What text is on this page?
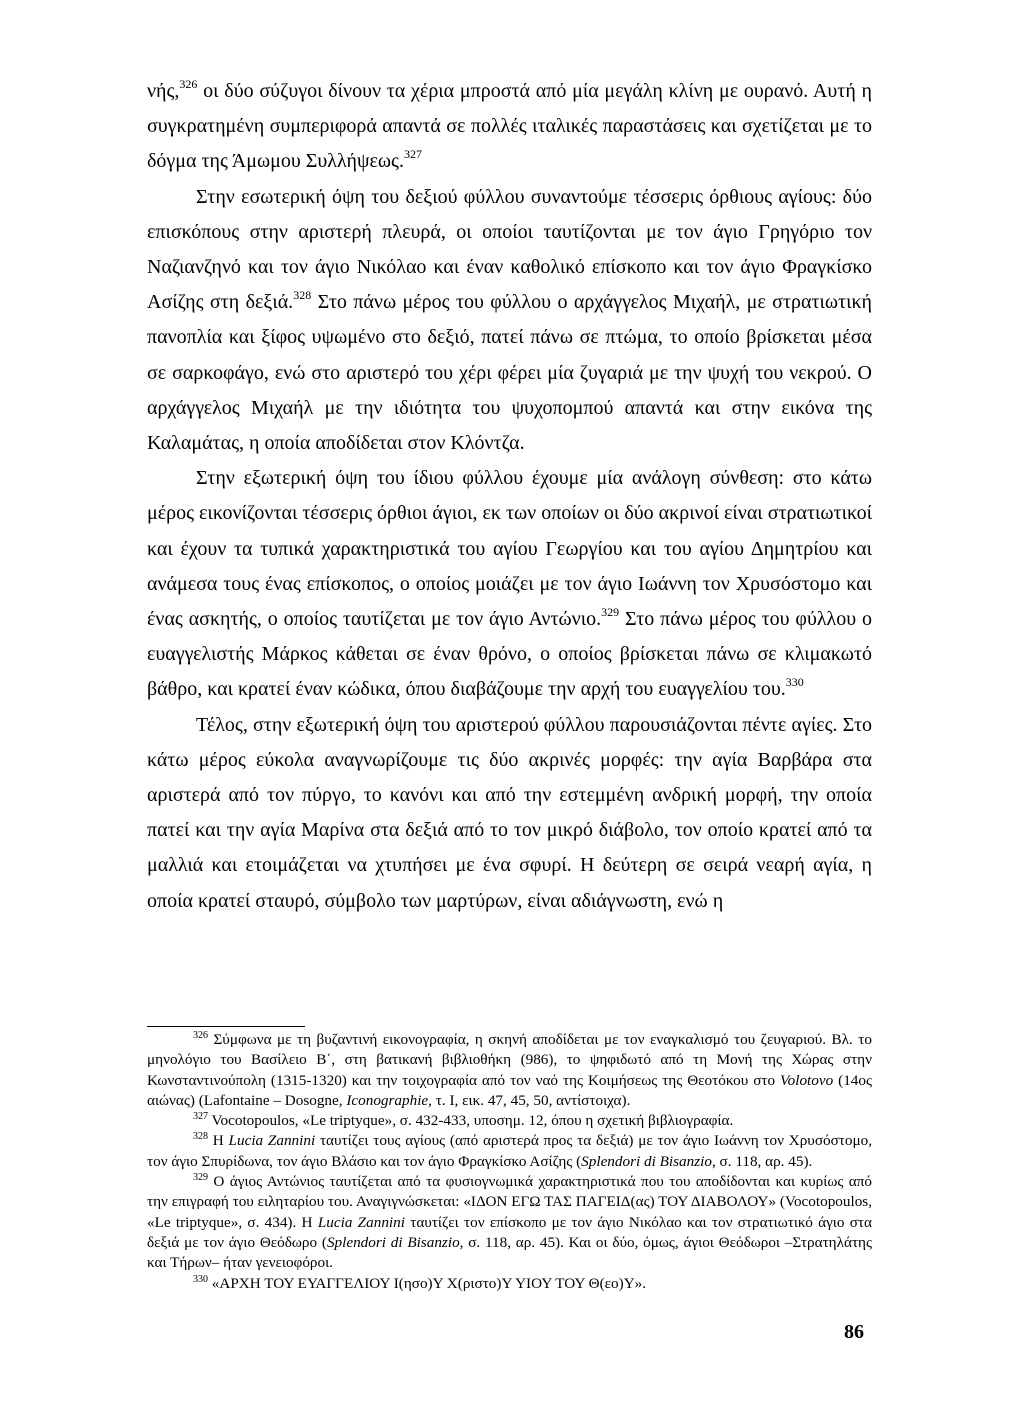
νής,$^{326}$ οι δύο σύζυγοι δίνουν τα χέρια μπροστά από μία μεγάλη κλίνη με ουρανό. Αυτή η συγκρατημένη συμπεριφορά απαντά σε πολλές ιταλικές παραστάσεις και σχετίζεται με το δόγμα της Άμωμου Συλλήψεως.$^{327}$

Στην εσωτερική όψη του δεξιού φύλλου συναντούμε τέσσερις όρθιους αγίους: δύο επισκόπους στην αριστερή πλευρά, οι οποίοι ταυτίζονται με τον άγιο Γρηγόριο τον Ναζιανζηνό και τον άγιο Νικόλαο και έναν καθολικό επίσκοπο και τον άγιο Φραγκίσκο Ασίζης στη δεξιά.$^{328}$ Στο πάνω μέρος του φύλλου ο αρχάγγελος Μιχαήλ, με στρατιωτική πανοπλία και ξίφος υψωμένο στο δεξιό, πατεί πάνω σε πτώμα, το οποίο βρίσκεται μέσα σε σαρκοφάγο, ενώ στο αριστερό του χέρι φέρει μία ζυγαριά με την ψυχή του νεκρού. Ο αρχάγγελος Μιχαήλ με την ιδιότητα του ψυχοπομπού απαντά και στην εικόνα της Καλαμάτας, η οποία αποδίδεται στον Κλόντζα.

Στην εξωτερική όψη του ίδιου φύλλου έχουμε μία ανάλογη σύνθεση: στο κάτω μέρος εικονίζονται τέσσερις όρθιοι άγιοι, εκ των οποίων οι δύο ακρινοί είναι στρατιωτικοί και έχουν τα τυπικά χαρακτηριστικά του αγίου Γεωργίου και του αγίου Δημητρίου και ανάμεσα τους ένας επίσκοπος, ο οποίος μοιάζει με τον άγιο Ιωάννη τον Χρυσόστομο και ένας ασκητής, ο οποίος ταυτίζεται με τον άγιο Αντώνιο.$^{329}$ Στο πάνω μέρος του φύλλου ο ευαγγελιστής Μάρκος κάθεται σε έναν θρόνο, ο οποίος βρίσκεται πάνω σε κλιμακωτό βάθρο, και κρατεί έναν κώδικα, όπου διαβάζουμε την αρχή του ευαγγελίου του.$^{330}$

Τέλος, στην εξωτερική όψη του αριστερού φύλλου παρουσιάζονται πέντε αγίες. Στο κάτω μέρος εύκολα αναγνωρίζουμε τις δύο ακρινές μορφές: την αγία Βαρβάρα στα αριστερά από τον πύργο, το κανόνι και από την εστεμμένη ανδρική μορφή, την οποία πατεί και την αγία Μαρίνα στα δεξιά από το τον μικρό διάβολο, τον οποίο κρατεί από τα μαλλιά και ετοιμάζεται να χτυπήσει με ένα σφυρί. Η δεύτερη σε σειρά νεαρή αγία, η οποία κρατεί σταυρό, σύμβολο των μαρτύρων, είναι αδιάγνωστη, ενώ η

$^{326}$ Σύμφωνα με τη βυζαντινή εικονογραφία, η σκηνή αποδίδεται με τον εναγκαλισμό του ζευγαριού. Βλ. το μηνολόγιο του Βασίλειο Β΄, στη βατικανή βιβλιοθήκη (986), το ψηφιδωτό από τη Μονή της Χώρας στην Κωνσταντινούπολη (1315-1320) και την τοιχογραφία από τον ναό της Κοιμήσεως της Θεοτόκου στο Volotovo (14ος αιώνας) (Lafontaine – Dosogne, Iconographie, τ. I, εικ. 47, 45, 50, αντίστοιχα).

$^{327}$ Vocotopoulos, «Le triptyque», σ. 432-433, υποσημ. 12, όπου η σχετική βιβλιογραφία.

$^{328}$ Η Lucia Zannini ταυτίζει τους αγίους (από αριστερά προς τα δεξιά) με τον άγιο Ιωάννη τον Χρυσόστομο, τον άγιο Σπυρίδωνα, τον άγιο Βλάσιο και τον άγιο Φραγκίσκο Ασίζης (Splendori di Bisanzio, σ. 118, αρ. 45).

$^{329}$ Ο άγιος Αντώνιος ταυτίζεται από τα φυσιογνωμικά χαρακτηριστικά που του αποδίδονται και κυρίως από την επιγραφή του ειληταρίου του. Αναγιγνώσκεται: «ΙΔΟΝ ΕΓΩ ΤΑΣ ΠΑΓΕΙΔ(ας) ΤΟΥ ΔΙΑΒΟΛΟΥ» (Vocotopoulos, «Le triptyque», σ. 434). Η Lucia Zannini ταυτίζει τον επίσκοπο με τον άγιο Νικόλαο και τον στρατιωτικό άγιο στα δεξιά με τον άγιο Θεόδωρο (Splendori di Bisanzio, σ. 118, αρ. 45). Και οι δύο, όμως, άγιοι Θεόδωροι –Στρατηλάτης και Τήρων– ήταν γενειοφόροι.

$^{330}$ «ΑΡΧΗ ΤΟΥ ΕΥΑΓΓΕΛΙΟΥ Ι(ησο)Υ Χ(ριστο)Υ ΥΙΟΥ ΤΟΥ Θ(εο)Υ».

86
